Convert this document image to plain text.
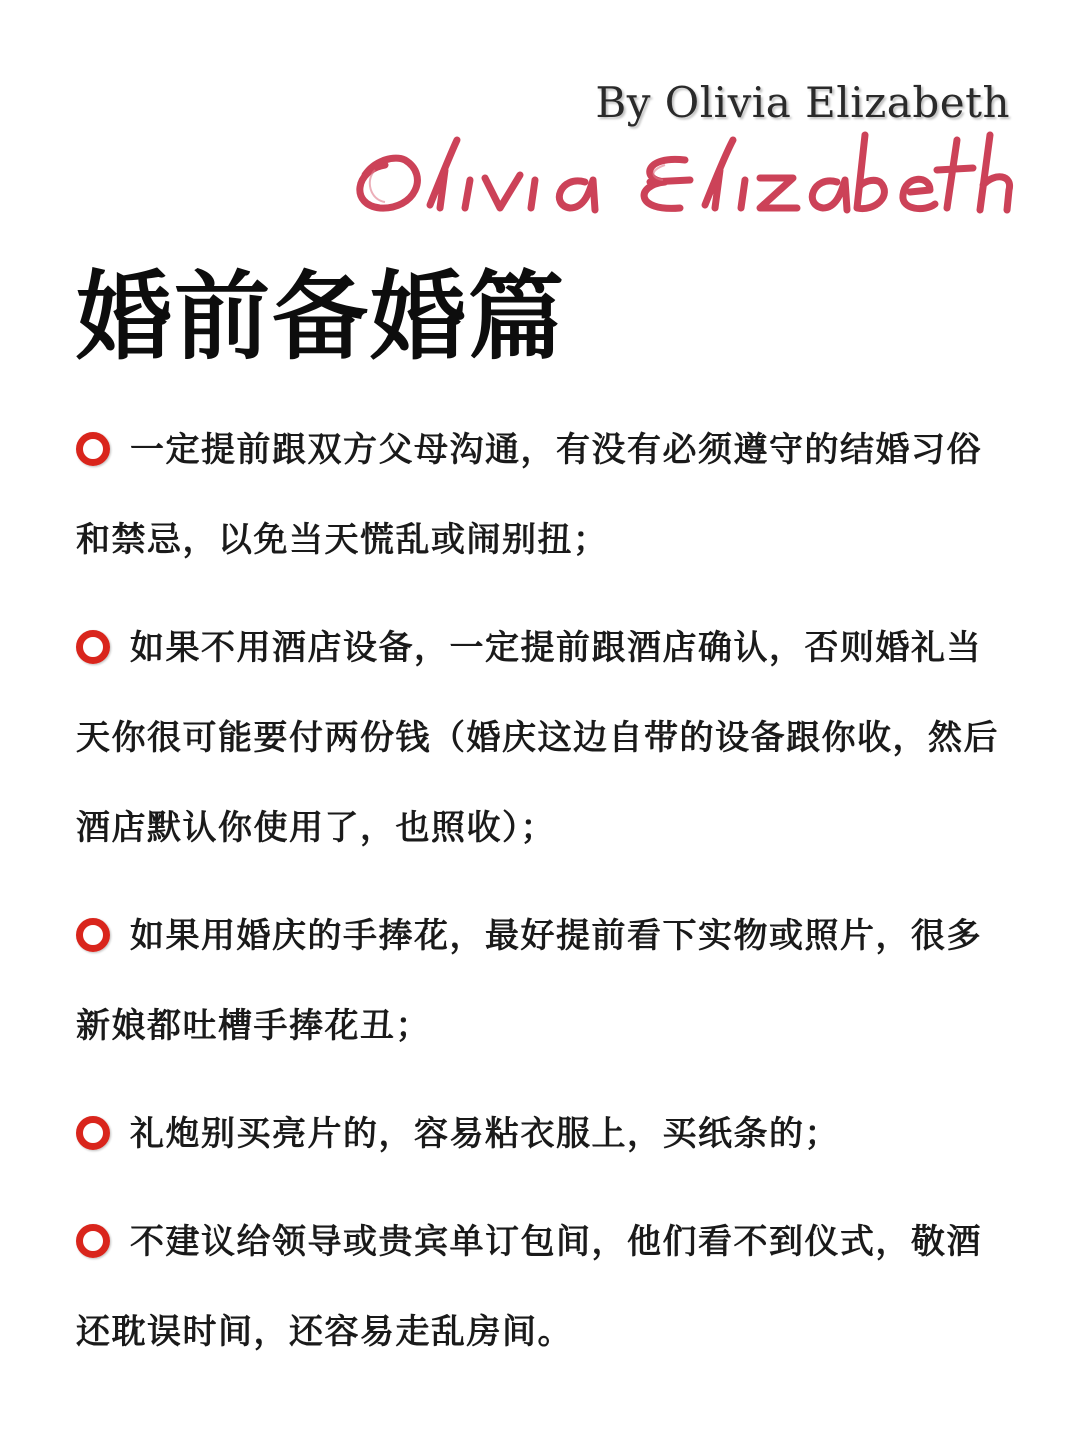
By Olivia Elizabeth
婚前备婚篇
一定提前跟双方父母沟通，有没有必须遵守的结婚习俗和禁忌，以免当天慌乱或闹别扭；
如果不用酒店设备，一定提前跟酒店确认，否则婚礼当天你很可能要付两份钱（婚庆这边自带的设备跟你收，然后酒店默认你使用了，也照收）；
如果用婚庆的手捧花，最好提前看下实物或照片，很多新娘都吐槽手捧花丑；
礼炮别买亮片的，容易粘衣服上，买纸条的；
不建议给领导或贵宾单订包间，他们看不到仪式，敬酒还耽误时间，还容易走乱房间。
